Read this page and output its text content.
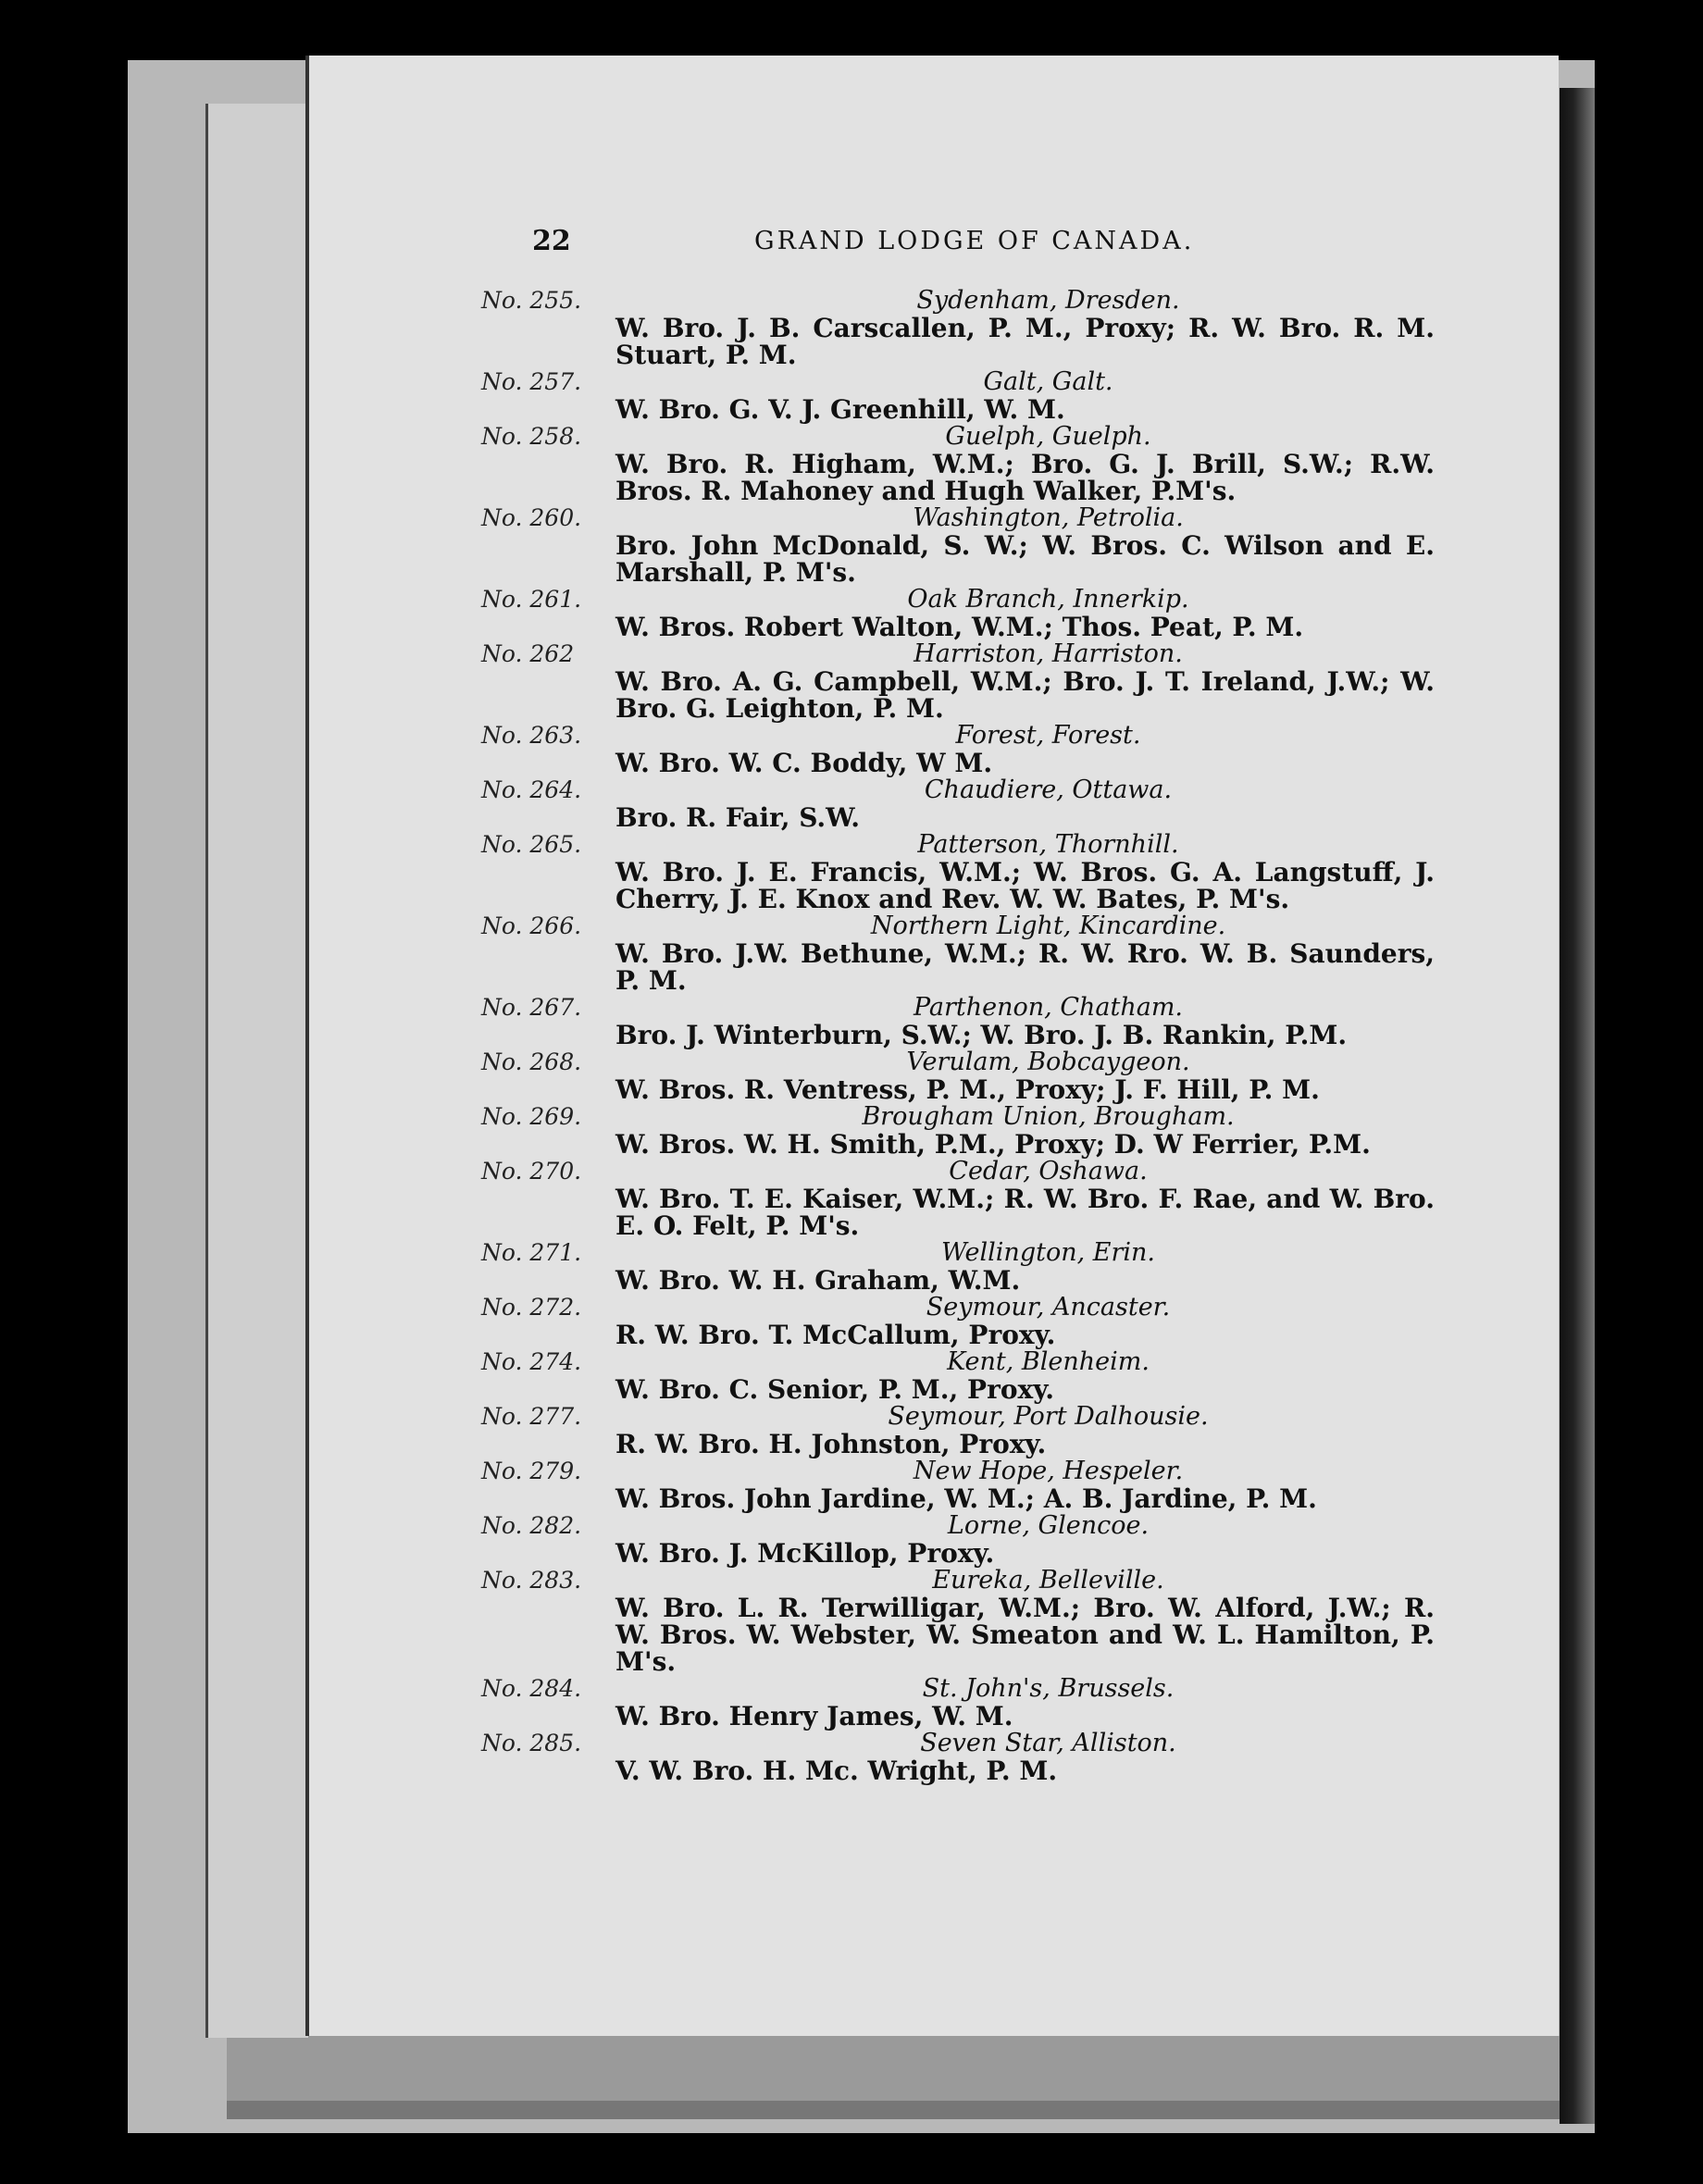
22	GRAND LODGE OF CANADA.
No. 255.	Sydenham, Dresden.
W. Bro. J. B. Carscallen, P. M., Proxy; R. W. Bro. R. M. Stuart, P. M.
No. 257.	Galt, Galt.
W. Bro. G. V. J. Greenhill, W. M.
No. 258.	Guelph, Guelph.
W. Bro. R. Higham, W.M.; Bro. G. J. Brill, S.W.; R.W. Bros. R. Mahoney and Hugh Walker, P.M's.
No. 260.	Washington, Petrolia.
Bro. John McDonald, S. W.; W. Bros. C. Wilson and E. Marshall, P. M's.
No. 261.	Oak Branch, Innerkip.
W. Bros. Robert Walton, W.M.; Thos. Peat, P. M.
No. 262	Harriston, Harriston.
W. Bro. A. G. Campbell, W.M.; Bro. J. T. Ireland, J.W.; W. Bro. G. Leighton, P. M.
No. 263.	Forest, Forest.
W. Bro. W. C. Boddy, W M.
No. 264.	Chaudiere, Ottawa.
Bro. R. Fair, S.W.
No. 265.	Patterson, Thornhill.
W. Bro. J. E. Francis, W.M.; W. Bros. G. A. Langstuff, J. Cherry, J. E. Knox and Rev. W. W. Bates, P. M's.
No. 266.	Northern Light, Kincardine.
W. Bro. J.W. Bethune, W.M.; R. W. Rro. W. B. Saunders, P. M.
No. 267.	Parthenon, Chatham.
Bro. J. Winterburn, S.W.; W. Bro. J. B. Rankin, P.M.
No. 268.	Verulam, Bobcaygeon.
W. Bros. R. Ventress, P. M., Proxy; J. F. Hill, P. M.
No. 269.	Brougham Union, Brougham.
W. Bros. W. H. Smith, P.M., Proxy; D. W Ferrier, P.M.
No. 270.	Cedar, Oshawa.
W. Bro. T. E. Kaiser, W.M.; R. W. Bro. F. Rae, and W. Bro. E. O. Felt, P. M's.
No. 271.	Wellington, Erin.
W. Bro. W. H. Graham, W.M.
No. 272.	Seymour, Ancaster.
R. W. Bro. T. McCallum, Proxy.
No. 274.	Kent, Blenheim.
W. Bro. C. Senior, P. M., Proxy.
No. 277.	Seymour, Port Dalhousie.
R. W. Bro. H. Johnston, Proxy.
No. 279.	New Hope, Hespeler.
W. Bros. John Jardine, W. M.; A. B. Jardine, P. M.
No. 282.	Lorne, Glencoe.
W. Bro. J. McKillop, Proxy.
No. 283.	Eureka, Belleville.
W. Bro. L. R. Terwilligar, W.M.; Bro. W. Alford, J.W.; R. W. Bros. W. Webster, W. Smeaton and W. L. Hamilton, P. M's.
No. 284.	St. John's, Brussels.
W. Bro. Henry James, W. M.
No. 285.	Seven Star, Alliston.
V. W. Bro. H. Mc. Wright, P. M.
